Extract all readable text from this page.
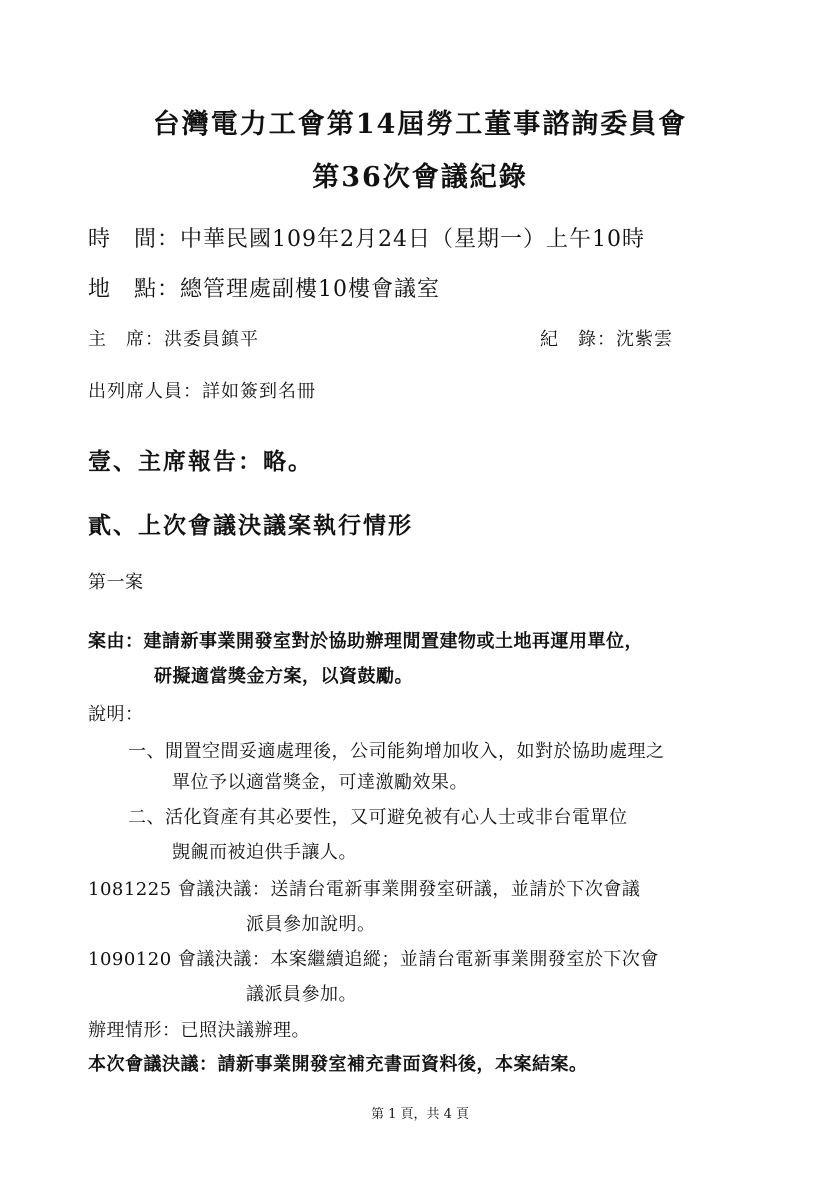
台灣電力工會第14屆勞工董事諮詢委員會
第36次會議紀錄
時　間：中華民國109年2月24日（星期一）上午10時
地　點：總管理處副樓10樓會議室
主　席：洪委員鎮平	紀　錄：沈紫雲
出列席人員：詳如簽到名冊
壹、主席報告：略。
貳、上次會議決議案執行情形
第一案
案由：建請新事業開發室對於協助辦理閒置建物或土地再運用單位，
研擬適當獎金方案，以資鼓勵。
說明：
一、閒置空間妥適處理後，公司能夠增加收入，如對於協助處理之
單位予以適當獎金，可達激勵效果。
二、活化資產有其必要性，又可避免被有心人士或非台電單位
覬覦而被迫供手讓人。
1081225 會議決議：送請台電新事業開發室研議，並請於下次會議
派員參加說明。
1090120 會議決議：本案繼續追縱；並請台電新事業開發室於下次會
議派員參加。
辦理情形：已照決議辦理。
本次會議決議：請新事業開發室補充書面資料後，本案結案。
第 1 頁，共 4 頁
